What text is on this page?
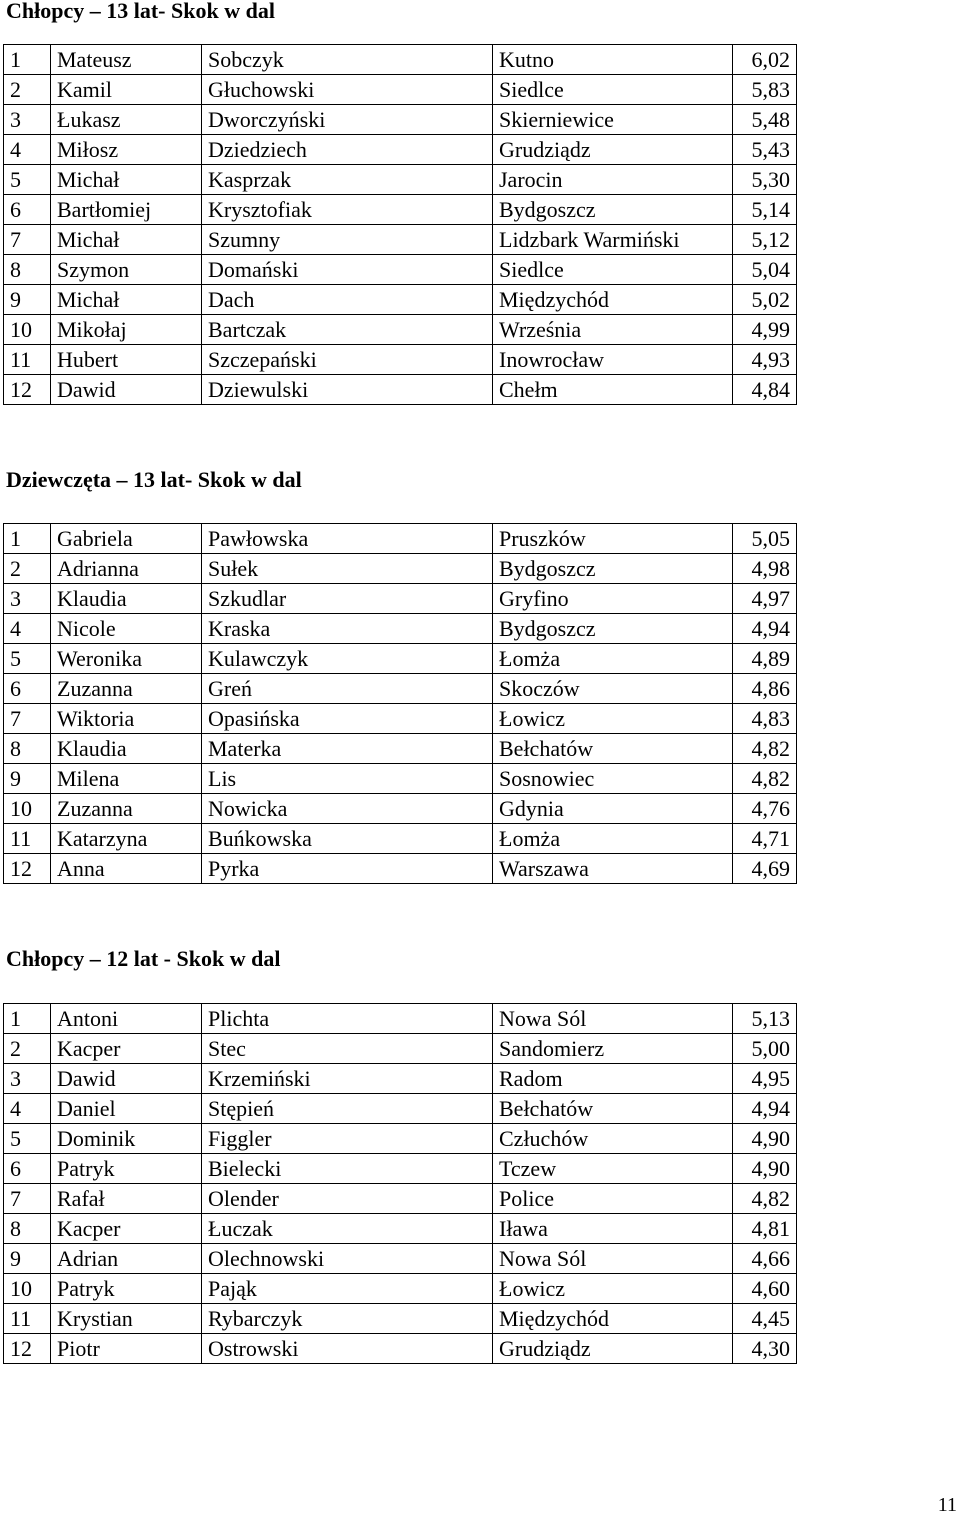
Chłopcy – 13 lat- Skok w dal
1	Mateusz	Sobczyk	Kutno	6,02
2	Kamil	Głuchowski	Siedlce	5,83
3	Łukasz	Dworczyński	Skierniewice	5,48
4	Miłosz	Dziedziech	Grudziądz	5,43
5	Michał	Kasprzak	Jarocin	5,30
6	Bartłomiej	Krysztofiak	Bydgoszcz	5,14
7	Michał	Szumny	Lidzbark Warmiński	5,12
8	Szymon	Domański	Siedlce	5,04
9	Michał	Dach	Międzychód	5,02
10	Mikołaj	Bartczak	Września	4,99
11	Hubert	Szczepański	Inowrocław	4,93
12	Dawid	Dziewulski	Chełm	4,84
Dziewczęta – 13 lat- Skok w dal
1	Gabriela	Pawłowska	Pruszków	5,05
2	Adrianna	Sułek	Bydgoszcz	4,98
3	Klaudia	Szkudlar	Gryfino	4,97
4	Nicole	Kraska	Bydgoszcz	4,94
5	Weronika	Kulawczyk	Łomża	4,89
6	Zuzanna	Greń	Skoczów	4,86
7	Wiktoria	Opasińska	Łowicz	4,83
8	Klaudia	Materka	Bełchatów	4,82
9	Milena	Lis	Sosnowiec	4,82
10	Zuzanna	Nowicka	Gdynia	4,76
11	Katarzyna	Buńkowska	Łomża	4,71
12	Anna	Pyrka	Warszawa	4,69
Chłopcy – 12 lat - Skok w dal
1	Antoni	Plichta	Nowa Sól	5,13
2	Kacper	Stec	Sandomierz	5,00
3	Dawid	Krzemiński	Radom	4,95
4	Daniel	Stępień	Bełchatów	4,94
5	Dominik	Figgler	Człuchów	4,90
6	Patryk	Bielecki	Tczew	4,90
7	Rafał	Olender	Police	4,82
8	Kacper	Łuczak	Iława	4,81
9	Adrian	Olechnowski	Nowa Sól	4,66
10	Patryk	Pająk	Łowicz	4,60
11	Krystian	Rybarczyk	Międzychód	4,45
12	Piotr	Ostrowski	Grudziądz	4,30
11
